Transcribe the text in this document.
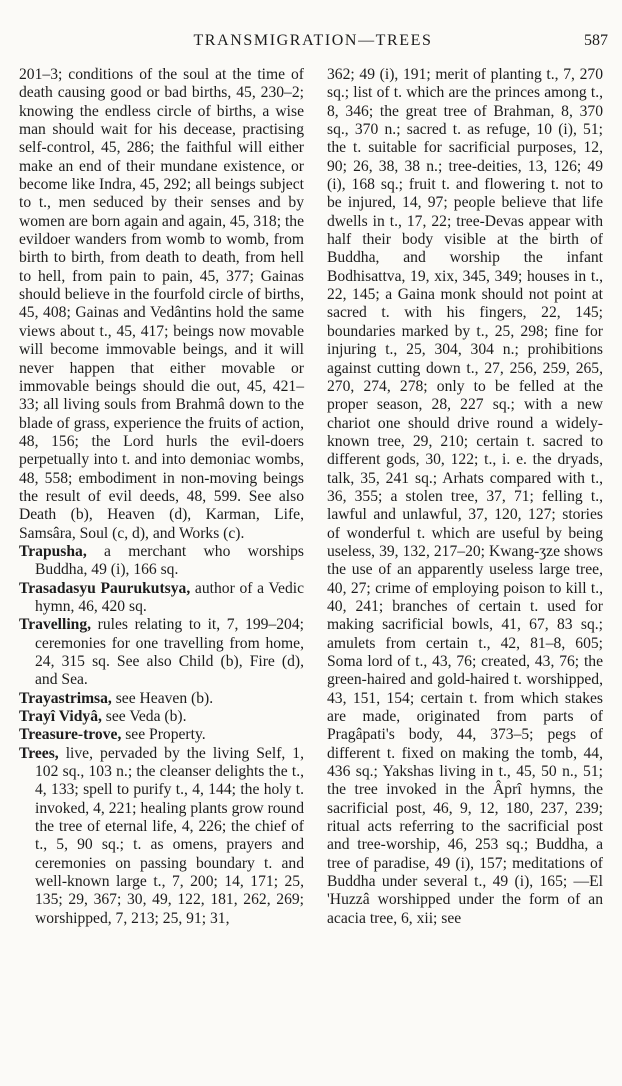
TRANSMIGRATION—TREES	587

201–3; conditions of the soul at the time of death causing good or bad births, 45, 230–2; knowing the endless circle of births, a wise man should wait for his decease, practising self-control, 45, 286; the faithful will either make an end of their mundane existence, or become like Indra, 45, 292; all beings subject to t., men seduced by their senses and by women are born again and again, 45, 318; the evildoer wanders from womb to womb, from birth to birth, from death to death, from hell to hell, from pain to pain, 45, 377; Gainas should believe in the fourfold circle of births, 45, 408; Gainas and Vedântins hold the same views about t., 45, 417; beings now movable will become immovable beings, and it will never happen that either movable or immovable beings should die out, 45, 421–33; all living souls from Brahmâ down to the blade of grass, experience the fruits of action, 48, 156; the Lord hurls the evil-doers perpetually into t. and into demoniac wombs, 48, 558; embodiment in non-moving beings the result of evil deeds, 48, 599. See also Death (b), Heaven (d), Karman, Life, Samsâra, Soul (c, d), and Works (c).

Trapusha, a merchant who worships Buddha, 49 (i), 166 sq.

Trasadasyu Paurukutsya, author of a Vedic hymn, 46, 420 sq.

Travelling, rules relating to it, 7, 199–204; ceremonies for one travelling from home, 24, 315 sq. See also Child (b), Fire (d), and Sea.

Trayastrimsa, see Heaven (b).

Trayî Vidyâ, see Veda (b).

Treasure-trove, see Property.

Trees, live, pervaded by the living Self, 1, 102 sq., 103 n.; the cleanser delights the t., 4, 133; spell to purify t., 4, 144; the holy t. invoked, 4, 221; healing plants grow round the tree of eternal life, 4, 226; the chief of t., 5, 90 sq.; t. as omens, prayers and ceremonies on passing boundary t. and well-known large t., 7, 200; 14, 171; 25, 135; 29, 367; 30, 49, 122, 181, 262, 269; worshipped, 7, 213; 25, 91; 31,

362; 49 (i), 191; merit of planting t., 7, 270 sq.; list of t. which are the princes among t., 8, 346; the great tree of Brahman, 8, 370 sq., 370 n.; sacred t. as refuge, 10 (i), 51; the t. suitable for sacrificial purposes, 12, 90; 26, 38, 38 n.; tree-deities, 13, 126; 49 (i), 168 sq.; fruit t. and flowering t. not to be injured, 14, 97; people believe that life dwells in t., 17, 22; tree-Devas appear with half their body visible at the birth of Buddha, and worship the infant Bodhisattva, 19, xix, 345, 349; houses in t., 22, 145; a Gaina monk should not point at sacred t. with his fingers, 22, 145; boundaries marked by t., 25, 298; fine for injuring t., 25, 304, 304 n.; prohibitions against cutting down t., 27, 256, 259, 265, 270, 274, 278; only to be felled at the proper season, 28, 227 sq.; with a new chariot one should drive round a widely-known tree, 29, 210; certain t. sacred to different gods, 30, 122; t., i. e. the dryads, talk, 35, 241 sq.; Arhats compared with t., 36, 355; a stolen tree, 37, 71; felling t., lawful and unlawful, 37, 120, 127; stories of wonderful t. which are useful by being useless, 39, 132, 217–20; Kwang-ʒze shows the use of an apparently useless large tree, 40, 27; crime of employing poison to kill t., 40, 241; branches of certain t. used for making sacrificial bowls, 41, 67, 83 sq.; amulets from certain t., 42, 81–8, 605; Soma lord of t., 43, 76; created, 43, 76; the green-haired and gold-haired t. worshipped, 43, 151, 154; certain t. from which stakes are made, originated from parts of Pragâpati's body, 44, 373–5; pegs of different t. fixed on making the tomb, 44, 436 sq.; Yakshas living in t., 45, 50 n., 51; the tree invoked in the Âprî hymns, the sacrificial post, 46, 9, 12, 180, 237, 239; ritual acts referring to the sacrificial post and tree-worship, 46, 253 sq.; Buddha, a tree of paradise, 49 (i), 157; meditations of Buddha under several t., 49 (i), 165; —El 'Huzzâ worshipped under the form of an acacia tree, 6, xii; see
